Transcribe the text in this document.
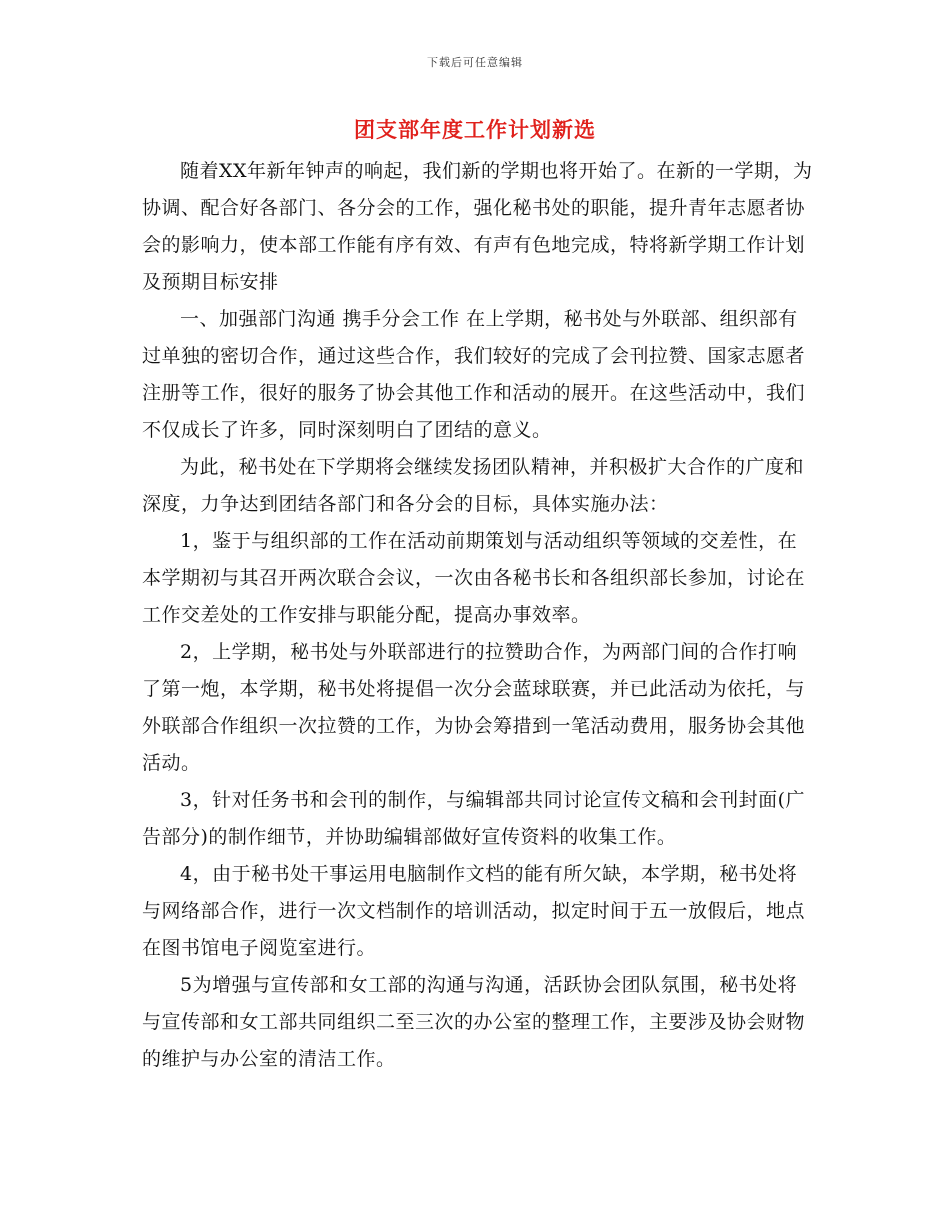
下载后可任意编辑
团支部年度工作计划新选

随着XX年新年钟声的响起，我们新的学期也将开始了。在新的一学期，为协调、配合好各部门、各分会的工作，强化秘书处的职能，提升青年志愿者协会的影响力，使本部工作能有序有效、有声有色地完成，特将新学期工作计划及预期目标安排

一、加强部门沟通 携手分会工作 在上学期，秘书处与外联部、组织部有过单独的密切合作，通过这些合作，我们较好的完成了会刊拉赞、国家志愿者注册等工作，很好的服务了协会其他工作和活动的展开。在这些活动中，我们不仅成长了许多，同时深刻明白了团结的意义。

为此，秘书处在下学期将会继续发扬团队精神，并积极扩大合作的广度和深度，力争达到团结各部门和各分会的目标，具体实施办法：

1，鉴于与组织部的工作在活动前期策划与活动组织等领域的交差性，在本学期初与其召开两次联合会议，一次由各秘书长和各组织部长参加，讨论在工作交差处的工作安排与职能分配，提高办事效率。

2，上学期，秘书处与外联部进行的拉赞助合作，为两部门间的合作打响了第一炮，本学期，秘书处将提倡一次分会蓝球联赛，并已此活动为依托，与外联部合作组织一次拉赞的工作，为协会筹措到一笔活动费用，服务协会其他活动。

3，针对任务书和会刊的制作，与编辑部共同讨论宣传文稿和会刊封面(广告部分)的制作细节，并协助编辑部做好宣传资料的收集工作。

4，由于秘书处干事运用电脑制作文档的能有所欠缺，本学期，秘书处将与网络部合作，进行一次文档制作的培训活动，拟定时间于五一放假后，地点在图书馆电子阅览室进行。

5为增强与宣传部和女工部的沟通与沟通，活跃协会团队氛围，秘书处将与宣传部和女工部共同组织二至三次的办公室的整理工作，主要涉及协会财物的维护与办公室的清洁工作。
